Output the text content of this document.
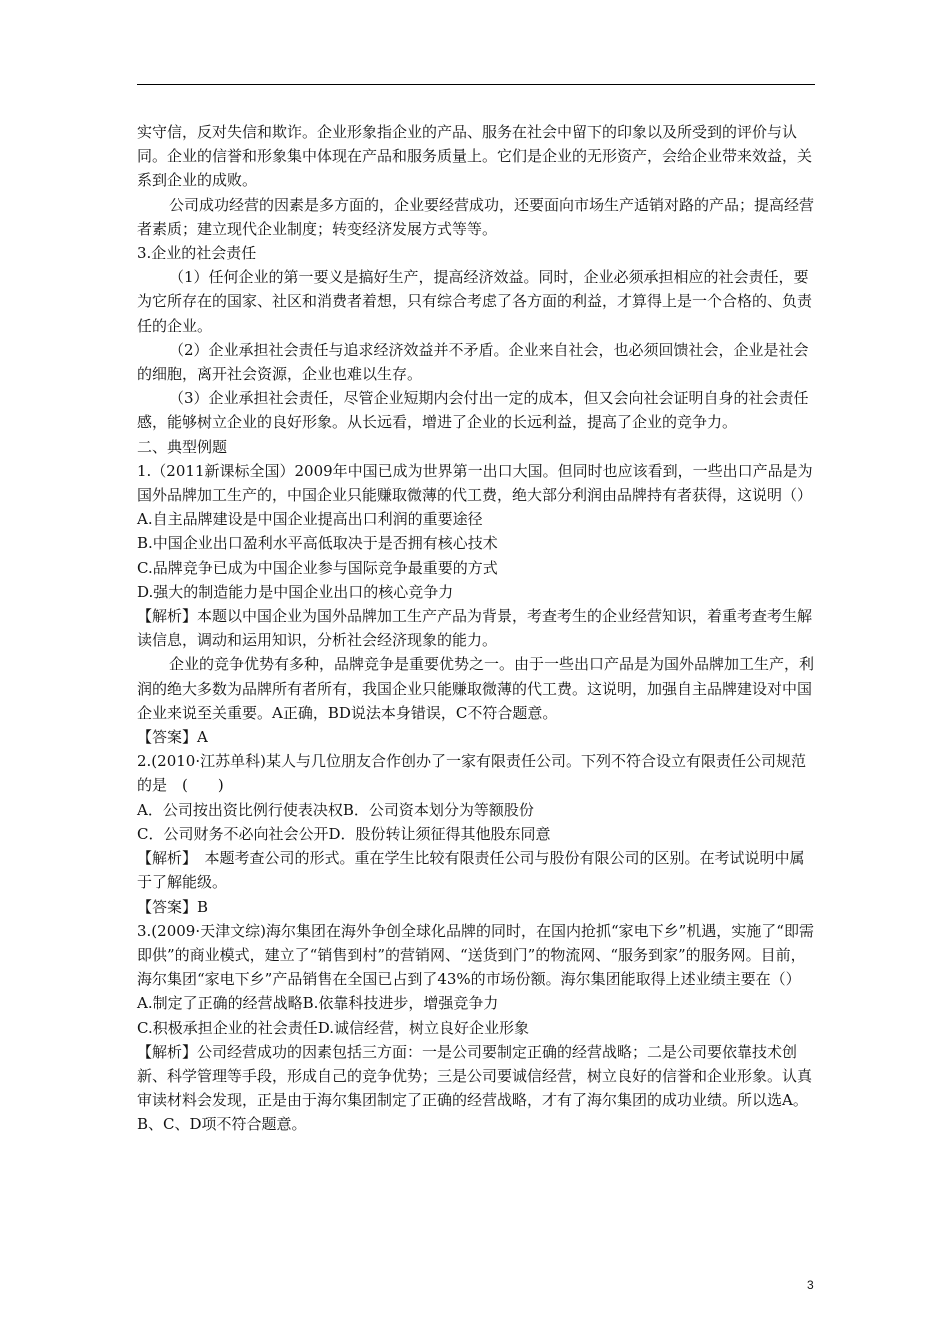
实守信，反对失信和欺诈。企业形象指企业的产品、服务在社会中留下的印象以及所受到的评价与认同。企业的信誉和形象集中体现在产品和服务质量上。它们是企业的无形资产，会给企业带来效益，关系到企业的成败。

公司成功经营的因素是多方面的，企业要经营成功，还要面向市场生产适销对路的产品；提高经营者素质；建立现代企业制度；转变经济发展方式等等。

3.企业的社会责任

（1）任何企业的第一要义是搞好生产，提高经济效益。同时，企业必须承担相应的社会责任，要为它所存在的国家、社区和消费者着想，只有综合考虑了各方面的利益，才算得上是一个合格的、负责任的企业。

（2）企业承担社会责任与追求经济效益并不矛盾。企业来自社会，也必须回馈社会，企业是社会的细胞，离开社会资源，企业也难以生存。

（3）企业承担社会责任，尽管企业短期内会付出一定的成本，但又会向社会证明自身的社会责任感，能够树立企业的良好形象。从长远看，增进了企业的长远利益，提高了企业的竞争力。

二、典型例题

1.（2011新课标全国）2009年中国已成为世界第一出口大国。但同时也应该看到，一些出口产品是为国外品牌加工生产的，中国企业只能赚取微薄的代工费，绝大部分利润由品牌持有者获得，这说明（）

A.自主品牌建设是中国企业提高出口利润的重要途径

B.中国企业出口盈利水平高低取决于是否拥有核心技术

C.品牌竞争已成为中国企业参与国际竞争最重要的方式

D.强大的制造能力是中国企业出口的核心竞争力

【解析】本题以中国企业为国外品牌加工生产产品为背景，考查考生的企业经营知识，着重考查考生解读信息，调动和运用知识，分析社会经济现象的能力。

企业的竞争优势有多种，品牌竞争是重要优势之一。由于一些出口产品是为国外品牌加工生产，利润的绝大多数为品牌所有者所有，我国企业只能赚取微薄的代工费。这说明，加强自主品牌建设对中国企业来说至关重要。A正确，BD说法本身错误，C不符合题意。

【答案】A

2.(2010·江苏单科)某人与几位朋友合作创办了一家有限责任公司。下列不符合设立有限责任公司规范的是　(　　)

A．公司按出资比例行使表决权B．公司资本划分为等额股份

C．公司财务不必向社会公开D．股份转让须征得其他股东同意

【解析】　本题考查公司的形式。重在学生比较有限责任公司与股份有限公司的区别。在考试说明中属于了解能级。

【答案】B

3.(2009·天津文综)海尔集团在海外争创全球化品牌的同时，在国内抢抓“家电下乡”机遇，实施了“即需即供”的商业模式，建立了“销售到村”的营销网、“送货到门”的物流网、“服务到家”的服务网。目前，海尔集团“家电下乡”产品销售在全国已占到了43%的市场份额。海尔集团能取得上述业绩主要在（）

A.制定了正确的经营战略B.依靠科技进步，增强竞争力

C.积极承担企业的社会责任D.诚信经营，树立良好企业形象

【解析】公司经营成功的因素包括三方面：一是公司要制定正确的经营战略；二是公司要依靠技术创新、科学管理等手段，形成自己的竞争优势；三是公司要诚信经营，树立良好的信誉和企业形象。认真审读材料会发现，正是由于海尔集团制定了正确的经营战略，才有了海尔集团的成功业绩。所以选A。B、C、D项不符合题意。

3
